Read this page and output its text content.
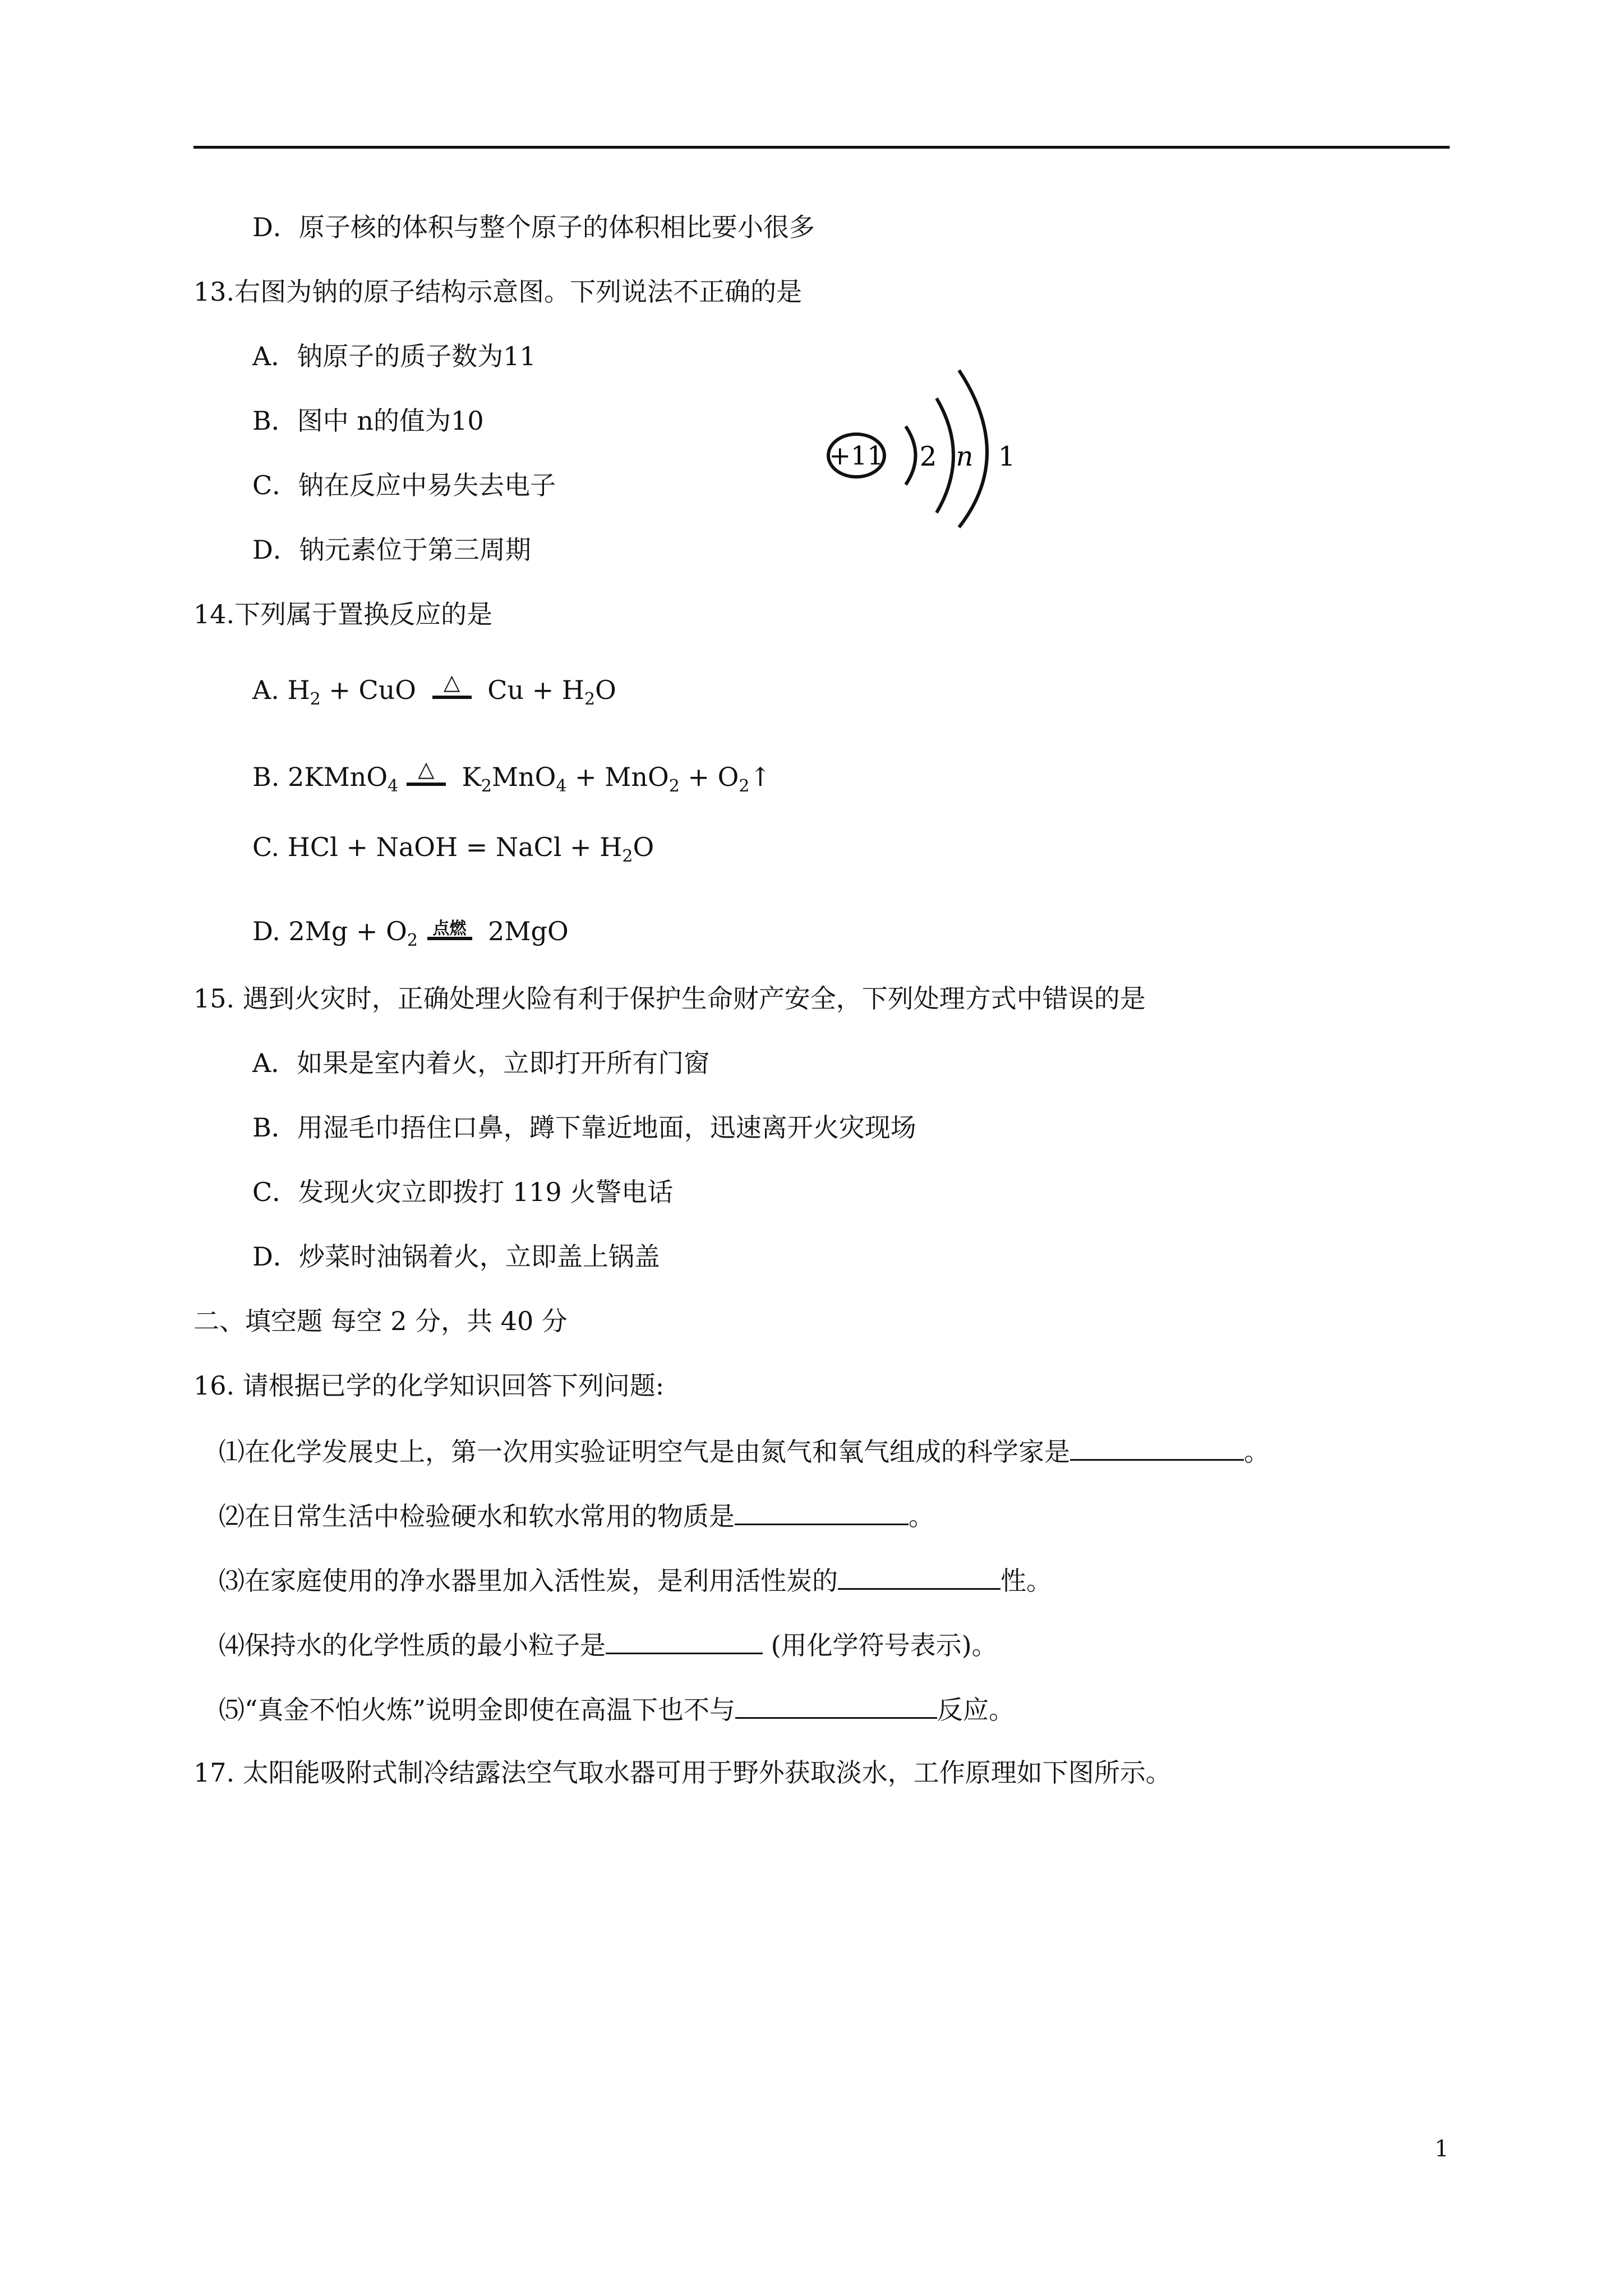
D．原子核的体积与整个原子的体积相比要小很多
13.右图为钠的原子结构示意图。下列说法不正确的是
A．钠原子的质子数为11
B．图中 n的值为10
C．钠在反应中易失去电子
D．钠元素位于第三周期
+11 2 n 1
14.下列属于置换反应的是
A. $H_2$ + CuO	△	$Cu + H_2O$
B. 2KMnO$_4$
△	$K_2MnO_4 + MnO_2$ + $O_2↑$
C. HCl + NaOH = NaCl + $H_2O$
D. $2Mg + O_2$
点燃 2MgO
15. 遇到火灾时，正确处理火险有利于保护生命财产安全，下列处理方式中错误的是
A．如果是室内着火，立即打开所有门窗
B．用湿毛巾捂住口鼻，蹲下靠近地面，迅速离开火灾现场
C．发现火灾立即拨打 119 火警电话
D．炒菜时油锅着火，立即盖上锅盖
二、填空题 每空 2 分，共 40 分
16. 请根据已学的化学知识回答下列问题:
⑴在化学发展史上，第一次用实验证明空气是由氮气和氧气组成的科学家是	。
⑵在日常生活中检验硬水和软水常用的物质是	。
⑶在家庭使用的净水器里加入活性炭，是利用活性炭的	性。
⑷保持水的化学性质的最小粒子是	(用化学符号表示)。
⑸“真金不怕火炼”说明金即使在高温下也不与	反应。
17. 太阳能吸附式制冷结露法空气取水器可用于野外获取淡水，工作原理如下图所示。
1
